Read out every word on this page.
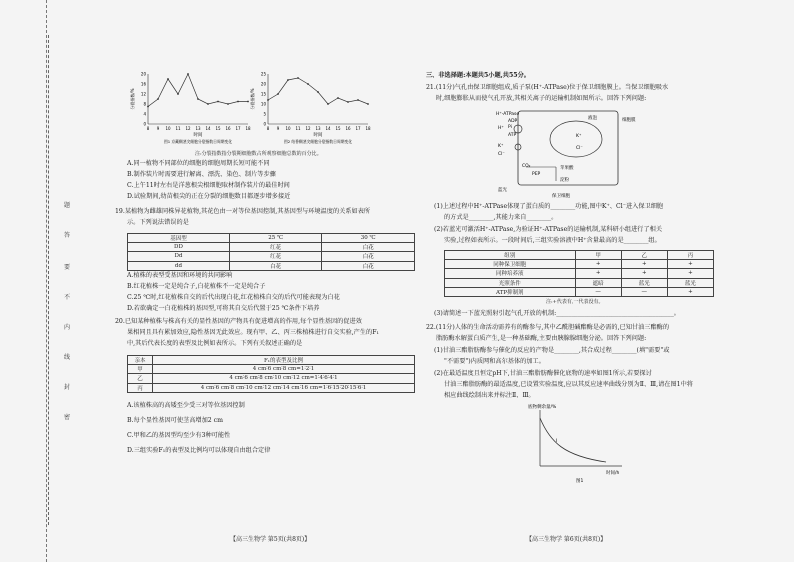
题
答
要
不
内
线
封
密
0
4
8
12
16
20
8 9 10 11 12 13 14 15 16 17 18
时间
分裂指数/%
图1 京藏稠茎尖细胞分裂指数日周期变化
0
5
10
15
20
25
8 9 10 11 12 13 14 15 16 17 18
时间
分裂指数/%
图2 结香稠茎尖细胞分裂指数日周期变化
注:分裂指数指分裂期细胞数占所观察细胞总数的百分比。
A.同一植物不同部位的细胞的细胞周期长短可能不同
B.制作装片时需要进行解离、漂洗、染色、制片等步骤
C.上午11时左右是洋葱根尖根细胞取材制作装片的最佳时间
D.试验期间,幼苗根尖的正在分裂的细胞数目都逐步增多接近
19.某植物为雌雄同株异花植物,其花色由一对等位基因控制,其基因型与环境温度的关系如表所
示。下列说法错误的是
基因型	25 ℃	30 ℃
DD	红花	白花
Dd	红花	白花
dd	白花	白花
A.植株的表型受基因和环境的共同影响
B.红花植株一定是纯合子,白花植株不一定是纯合子
C.25 ℃时,红花植株自交的后代出现白花,红花植株自交的后代可能表现为白花
D.若欲确定一白花植株的基因型,可将其自交后代置于25 ℃条件下培养
20.已知某种植株与株高有关的显性基因的产物具有促进增高的作用,每个显性基因的促进效
果相同且具有累加效应,隐性基因无此效应。现有甲、乙、丙三株植株进行自交实验,产生的F₁
中,其后代表长度的表型及比例如表所示。下列有关叙述正确的是
亲本	F₁的表型及比例
甲	4 cm∶6 cm∶8 cm=1∶2∶1
乙	4 cm∶6 cm∶8 cm∶10 cm∶12 cm=1∶4∶6∶4∶1
丙	4 cm∶6 cm∶8 cm∶10 cm∶12 cm∶14 cm∶16 cm=1∶6∶15∶20∶15∶6∶1
A.该植株高的高矮至少受三对等位基因控制
B.每个显性基因可使茎高增加2 cm
C.甲和乙的基因型均至少有3种可能性
D.三组实验F₁的表型及比例均可以体现自由组合定律
【高三生物学 第5页(共8页)】
三、非选择题:本题共5小题,共55分。
21.(11分)气孔由保卫细胞组成,质子泵(H⁺-ATPase)位于保卫细胞膜上。当保卫细胞吸水
时,细胞膨胀从而使气孔开放,其相关离子的运输机制如图所示。回答下列问题:
H⁺-ATPase
ADP
Pi
ATP
H⁺
K⁺
Cl⁻
蓝光
液泡	细胞膜
K⁺
Cl⁻
CO₂
PEP
苹果酸
淀粉
保卫细胞
(1)上述过程中H⁺-ATPase体现了蛋白质的________功能,图中K⁺、Cl⁻进入保卫细胞
的方式是________,其能力来自________。
(2)若蓝光可激活H⁺-ATPase,为验证H⁺-ATPase的运输机制,某科研小组进行了相关
实验,过程如表所示。一段时间后,三组实验溶液中H⁺含量最高的是________组。
组别	甲	乙	丙
同种保卫细胞	+	+	+
同种培养液	+	+	+
光照条件	遮暗	蓝光	蓝光
ATP抑制剂	—	—	+
注:+代表有,一代表没有。
(3)请简述一下蓝光照射引起气孔开放的机制:______________________________________。
22.(11分)人体的生命活动需养有的酶参与,其中乙酰胆碱酯酶是必需的,已知甘油三酯酶的
脂肪酶水解蛋白质产生,是一种基础酶,主要由胰腺腺细胞分泌。回答下列问题:
(1)甘油三酯脂肪酶参与催化的反应的产物是________,其合成过程________(填"需要"或
"不需要")内质网和高尔基体的加工。
(2)在最适温度且恒定pH下,甘油三酯脂肪酶催化底物的速率如图1所示,若要探讨
甘油三酯脂肪酶的最适温度,已设置实验温度,应以其反应速率曲线分别为Ⅱ、Ⅲ,请在图1中将
相应曲线绘制出来并标注Ⅱ、Ⅲ。
底物剩余量/%
时间/h
Ⅰ
图1
【高三生物学 第6页(共8页)】
